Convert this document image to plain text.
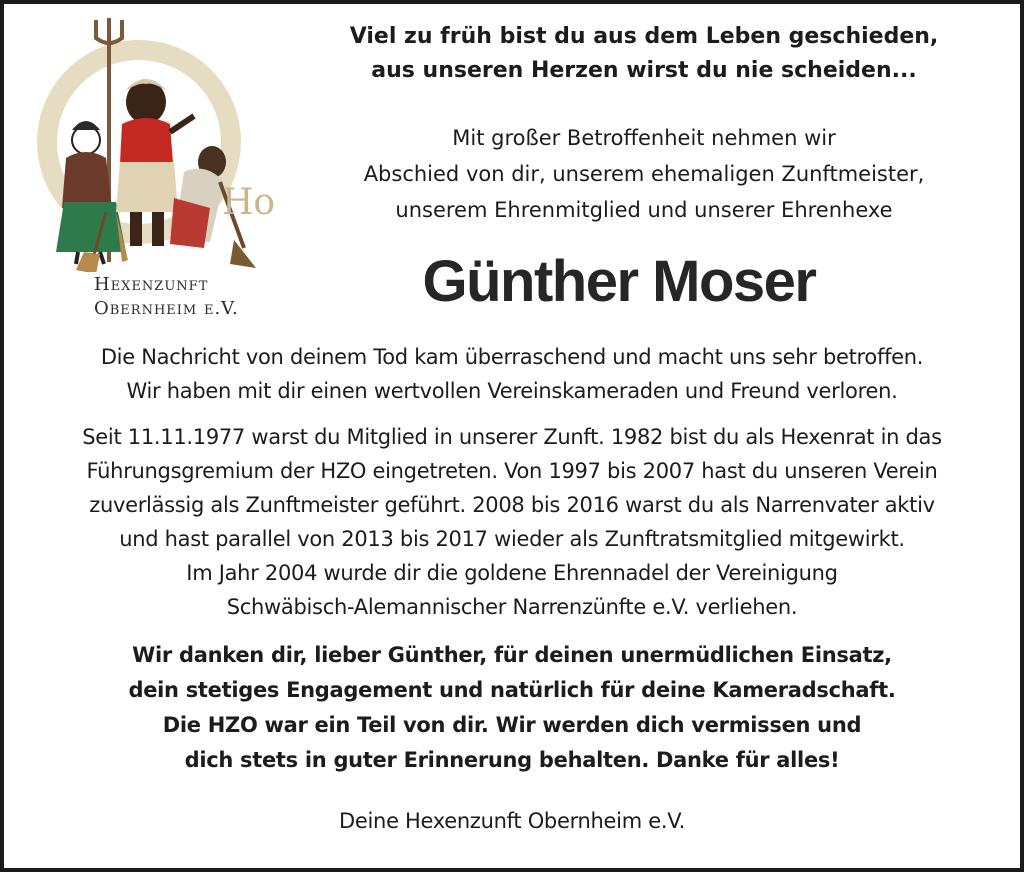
Ho
Hexenzunft
Obernheim e.V.
Viel zu früh bist du aus dem Leben geschieden,
aus unseren Herzen wirst du nie scheiden...
Mit großer Betroffenheit nehmen wir
Abschied von dir, unserem ehemaligen Zunftmeister,
unserem Ehrenmitglied und unserer Ehrenhexe
Günther Moser
Die Nachricht von deinem Tod kam überraschend und macht uns sehr betroffen.
Wir haben mit dir einen wertvollen Vereinskameraden und Freund verloren.
Seit 11.11.1977 warst du Mitglied in unserer Zunft. 1982 bist du als Hexenrat in das
Führungsgremium der HZO eingetreten. Von 1997 bis 2007 hast du unseren Verein
zuverlässig als Zunftmeister geführt. 2008 bis 2016 warst du als Narrenvater aktiv
und hast parallel von 2013 bis 2017 wieder als Zunftratsmitglied mitgewirkt.
Im Jahr 2004 wurde dir die goldene Ehrennadel der Vereinigung
Schwäbisch-Alemannischer Narrenzünfte e.V. verliehen.
Wir danken dir, lieber Günther, für deinen unermüdlichen Einsatz,
dein stetiges Engagement und natürlich für deine Kameradschaft.
Die HZO war ein Teil von dir. Wir werden dich vermissen und
dich stets in guter Erinnerung behalten. Danke für alles!
Deine Hexenzunft Obernheim e.V.
